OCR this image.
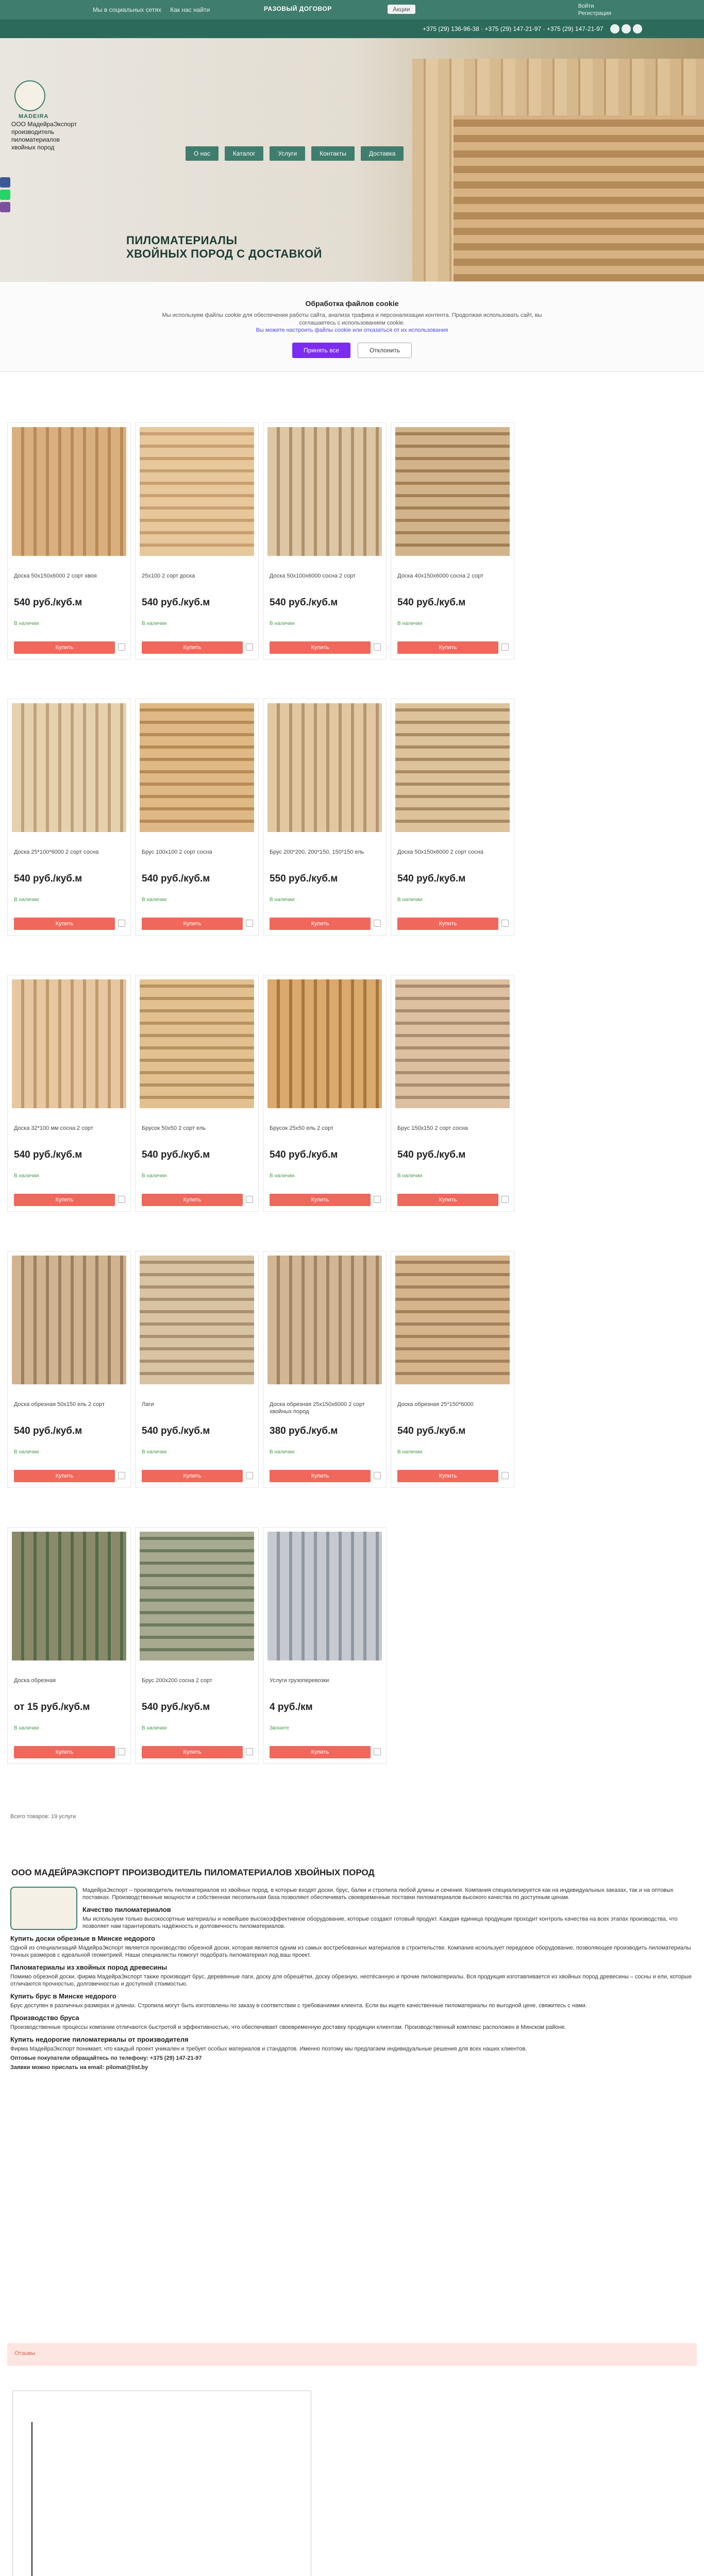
Мы в социальных сетях Как нас найти	РАЗОВЫЙ ДОГОВОР	Акции	Войти
Регистрация
+375 (29) 136-96-38 · +375 (29) 147-21-97 · +375 (29) 147-21-97
MADEIRA
ООО МадейраЭкспорт производитель пиломатериалов хвойных пород
О нас	Каталог	Услуги	Контакты	Доставка
ПИЛОМАТЕРИАЛЫ
ХВОЙНЫХ ПОРОД С ДОСТАВКОЙ
Обработка файлов cookie

Мы используем файлы cookie для обеспечения работы сайта, анализа трафика и персонализации контента. Продолжая использовать сайт, вы соглашаетесь с использованием cookie.

Вы можете настроить файлы cookie или отказаться от их использования
Принять все	Отклонить
Доска 50х150х6000 2 сорт хвоя
540 руб./куб.м
В наличии
Купить
25х100 2 сорт доска
540 руб./куб.м
В наличии
Купить
Доска 50х100х6000 сосна 2 сорт
540 руб./куб.м
В наличии
Купить
Доска 40х150х6000 сосна 2 сорт
540 руб./куб.м
В наличии
Купить
Доска 25*100*6000 2 сорт сосна
540 руб./куб.м
В наличии
Купить
Брус 100х100 2 сорт сосна
540 руб./куб.м
В наличии
Купить
Брус 200*200, 200*150, 150*150 ель
550 руб./куб.м
В наличии
Купить
Доска 50х150х6000 2 сорт сосна
540 руб./куб.м
В наличии
Купить
Доска 32*100 мм сосна 2 сорт
540 руб./куб.м
В наличии
Купить
Брусок 50х50 2 сорт ель
540 руб./куб.м
В наличии
Купить
Брусок 25х50 ель 2 сорт
540 руб./куб.м
В наличии
Купить
Брус 150х150 2 сорт сосна
540 руб./куб.м
В наличии
Купить
Доска обрезная 50х150 ель 2 сорт
540 руб./куб.м
В наличии
Купить
Лаги
540 руб./куб.м
В наличии
Купить
Доска обрезная 25х150х6000 2 сорт хвойных пород
380 руб./куб.м
В наличии
Купить
Доска обрезная 25*150*6000
540 руб./куб.м
В наличии
Купить
Доска обрезная
от 15 руб./куб.м
В наличии
Купить
Брус 200х200 сосна 2 сорт
540 руб./куб.м
В наличии
Купить
Услуги грузоперевозки
4 руб./км
Звоните
Купить
Всего товаров: 19 услуги
ООО МАДЕЙРАЭКСПОРТ ПРОИЗВОДИТЕЛЬ ПИЛОМАТЕРИАЛОВ ХВОЙНЫХ ПОРОД

МадейраЭкспорт – производитель пиломатериалов из хвойных пород, в которые входят доски, брус, балки и стропила любой длины и сечения. Компания специализируется как на индивидуальных заказах, так и на оптовых поставках. Производственные мощности и собственная лесопильная база позволяют обеспечивать своевременные поставки пиломатериалов высокого качества по доступным ценам.

Качество пиломатериалов

Мы используем только высокосортные материалы и новейшее высокоэффективное оборудование, которые создают готовый продукт. Каждая единица продукции проходит контроль качества на всех этапах производства, что позволяет нам гарантировать надёжность и долговечность пиломатериалов.

Купить доски обрезные в Минске недорого

Одной из специализаций МадейраЭкспорт является производство обрезной доски, которая является одним из самых востребованных материалов в строительстве. Компания использует передовое оборудование, позволяющее производить пиломатериалы точных размеров с идеальной геометрией. Наши специалисты помогут подобрать пиломатериал под ваш проект.

Пиломатериалы из хвойных пород древесины

Помимо обрезной доски, фирма МадейраЭкспорт также производит брус, деревянные лаги, доску для обрешётки, доску обрезную, неотёсанную и прочие пиломатериалы. Вся продукция изготавливается из хвойных пород древесины – сосны и ели, которые отличаются прочностью, долговечностью и доступной стоимостью.

Купить брус в Минске недорого

Брус доступен в различных размерах и длинах. Стропила могут быть изготовлены по заказу в соответствии с требованиями клиента. Если вы ищете качественные пиломатериалы по выгодной цене, свяжитесь с нами.

Производство бруса

Производственные процессы компании отличаются быстротой и эффективностью, что обеспечивает своевременную доставку продукции клиентам. Производственный комплекс расположен в Минском районе.

Купить недорогие пиломатериалы от производителя

Фирма МадейраЭкспорт понимает, что каждый проект уникален и требует особых материалов и стандартов. Именно поэтому мы предлагаем индивидуальные решения для всех наших клиентов.

Оптовые покупатели обращайтесь по телефону: +375 (29) 147-21-97

Заявки можно прислать на email: pilomat@list.by

Отзывы
